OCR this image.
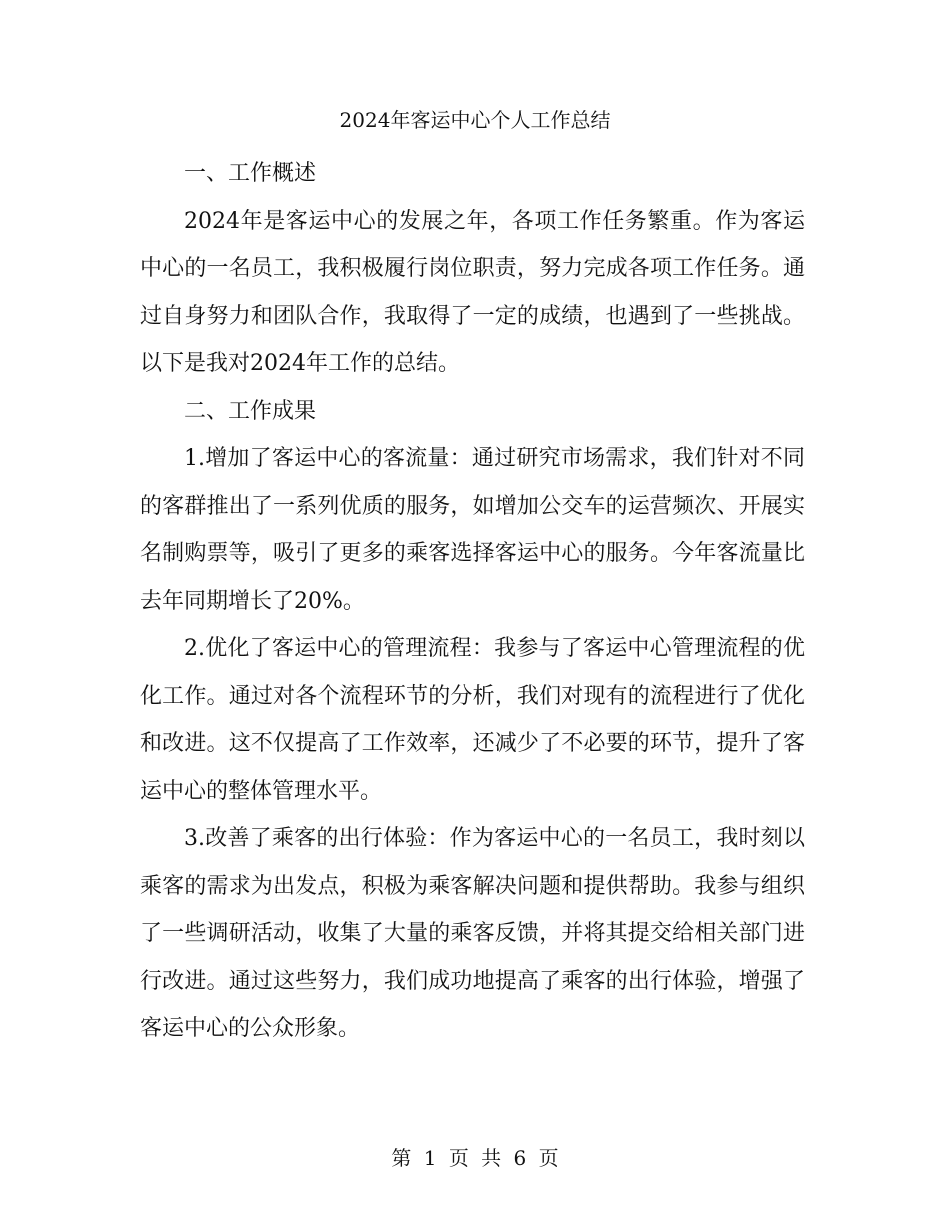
2024年客运中心个人工作总结

一、工作概述

2024年是客运中心的发展之年，各项工作任务繁重。作为客运中心的一名员工，我积极履行岗位职责，努力完成各项工作任务。通过自身努力和团队合作，我取得了一定的成绩，也遇到了一些挑战。以下是我对2024年工作的总结。

二、工作成果

1.增加了客运中心的客流量：通过研究市场需求，我们针对不同的客群推出了一系列优质的服务，如增加公交车的运营频次、开展实名制购票等，吸引了更多的乘客选择客运中心的服务。今年客流量比去年同期增长了20%。

2.优化了客运中心的管理流程：我参与了客运中心管理流程的优化工作。通过对各个流程环节的分析，我们对现有的流程进行了优化和改进。这不仅提高了工作效率，还减少了不必要的环节，提升了客运中心的整体管理水平。

3.改善了乘客的出行体验：作为客运中心的一名员工，我时刻以乘客的需求为出发点，积极为乘客解决问题和提供帮助。我参与组织了一些调研活动，收集了大量的乘客反馈，并将其提交给相关部门进行改进。通过这些努力，我们成功地提高了乘客的出行体验，增强了客运中心的公众形象。

第 1 页 共 6 页
